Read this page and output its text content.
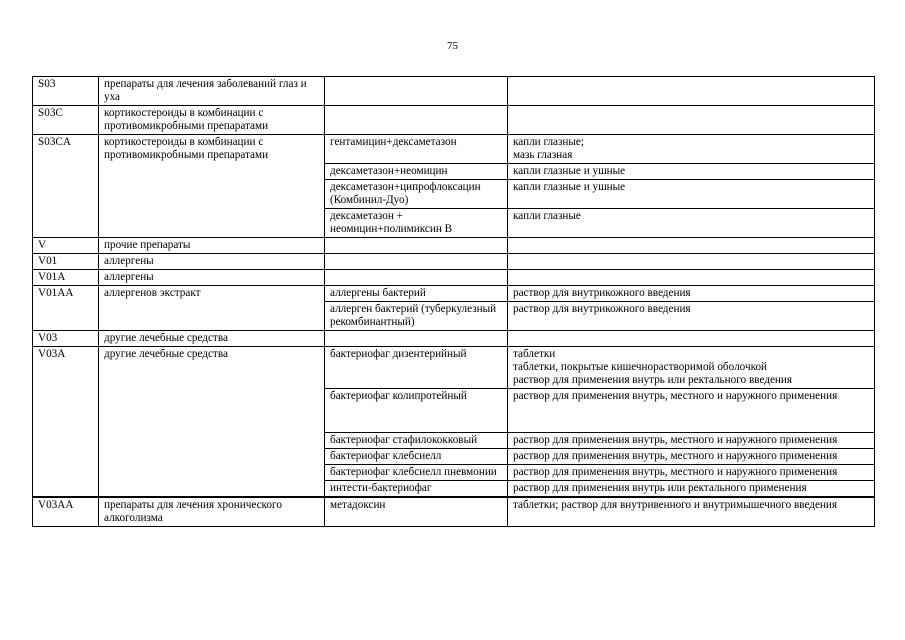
75
S03	препараты для лечения заболеваний глаз и уха		
S03C	кортикостероиды в комбинации с противомикробными препаратами		
S03CA	кортикостероиды в комбинации с противомикробными препаратами	гентамицин+дексаметазон	капли глазные;
мазь глазная

		дексаметазон+неомицин	капли глазные и ушные
		дексаметазон+ципрофлоксацин (Комбинил-Дуо)	капли глазные и ушные
		дексаметазон + неомицин+полимиксин B	капли глазные
V	прочие препараты		
V01	аллергены		
V01A	аллергены		
V01AA	аллергенов экстракт	аллергены бактерий	раствор для внутрикожного введения
		аллерген бактерий (туберкулезный рекомбинантный)	раствор для внутрикожного введения
V03	другие лечебные средства		
V03A	другие лечебные средства	бактериофаг дизентерийный	таблетки
таблетки, покрытые кишечнорастворимой оболочкой
раствор для применения внутрь или ректального введения

		бактериофаг колипротейный	раствор для применения внутрь, местного и наружного применения
		бактериофаг стафилококковый	раствор для применения внутрь, местного и наружного применения
		бактериофаг клебсиелл	раствор для применения внутрь, местного и наружного применения
		бактериофаг клебсиелл пневмонии	раствор для применения внутрь, местного и наружного применения
		интести-бактериофаг	раствор для применения внутрь или ректального применения
V03AA	препараты для лечения хронического алкоголизма	метадоксин	таблетки; раствор для внутривенного и внутримышечного введения
